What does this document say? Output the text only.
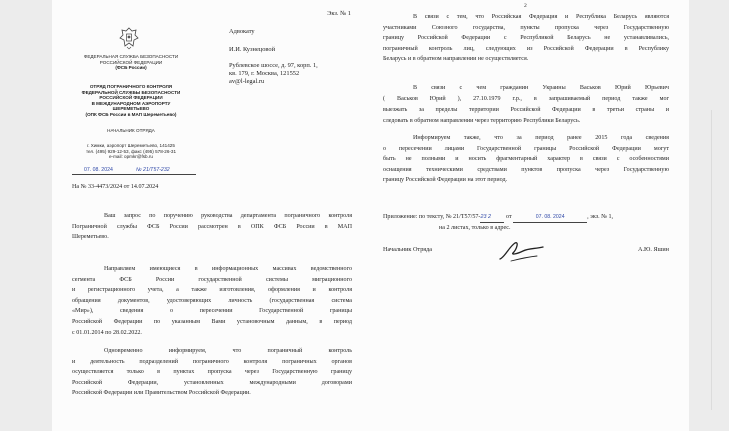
Экз. № 1
ФЕДЕРАЛЬНАЯ СЛУЖБА БЕЗОПАСНОСТИ
РОССИЙСКОЙ ФЕДЕРАЦИИ
(ФСБ России)
ОТРЯД ПОГРАНИЧНОГО КОНТРОЛЯ
ФЕДЕРАЛЬНОЙ СЛУЖБЫ БЕЗОПАСНОСТИ
РОССИЙСКОЙ ФЕДЕРАЦИИ
В МЕЖДУНАРОДНОМ АЭРОПОРТУ
ШЕРЕМЕТЬЕВО
(ОПК ФСБ России в МАП Шереметьево)
НАЧАЛЬНИК ОТРЯДА
г. Химки, аэропорт Шереметьево, 141425
тел. (495) 929-12-53, факс (495) 578-26-31
e-mail: opmkr@fsb.ru
07. 08. 2024	№ 21/T57-232
На № 33-4473/2024 от 14.07.2024
Адвокату
И.И. Кузнецовой
Рублевское шоссе, д. 97, корп. 1,
кв. 179, г. Москва, 121552
av@l-legal.ru
Ваш запрос по поручению руководства департамента пограничного контроля
Пограничной службы ФСБ России рассмотрен в ОПК ФСБ России в МАП
Шереметьево.
Направляем имеющиеся в информационных массивах ведомственного
сегмента ФСБ России государственной системы миграционного
и регистрационного учета, а также изготовления, оформления и контроля
обращения документов, удостоверяющих личность (государственная система
«Мир»), сведения о пересечении Государственной границы
Российской Федерации по указанным Вами установочным данным, в период
с 01.01.2014 по 28.02.2022.
Одновременно информируем, что пограничный контроль
и деятельность подразделений пограничного контроля пограничных органов
осуществляется только в пунктах пропуска через Государственную границу
Российской Федерации, установленных международными договорами
Российской Федерации или Правительством Российской Федерации.
2
В связи с тем, что Российская Федерация и Республика Беларусь являются
участниками Союзного государства, пункты пропуска через Государственную
границу Российской Федерации с Республикой Беларусь не устанавливались,
пограничный контроль лиц, следующих из Российской Федерации в Республику
Беларусь и в обратном направлении не осуществляется.
В связи с чем гражданин Украины Васьков Юрий Юрьевич
( Васьков Юрий ), 27.10.1979 г.р., в запрашиваемый период также мог
выезжать за пределы территории Российской Федерации в третьи страны и
следовать в обратном направлении через территорию Республики Беларусь.
Информируем также, что за период ранее 2015 года сведения
о пересечении лицами Государственной границы Российской Федерации могут
быть не полными и носить фрагментарный характер в связи с особенностями
оснащения техническими средствами пунктов пропуска через Государственную
границу Российской Федерации на этот период.
Приложение: по тексту, № 21/T57/57-23 2 от	07. 08. 2024	, экз. № 1,
на 2 листах, только в адрес.
Начальник Отряда	А.Ю. Яшин
